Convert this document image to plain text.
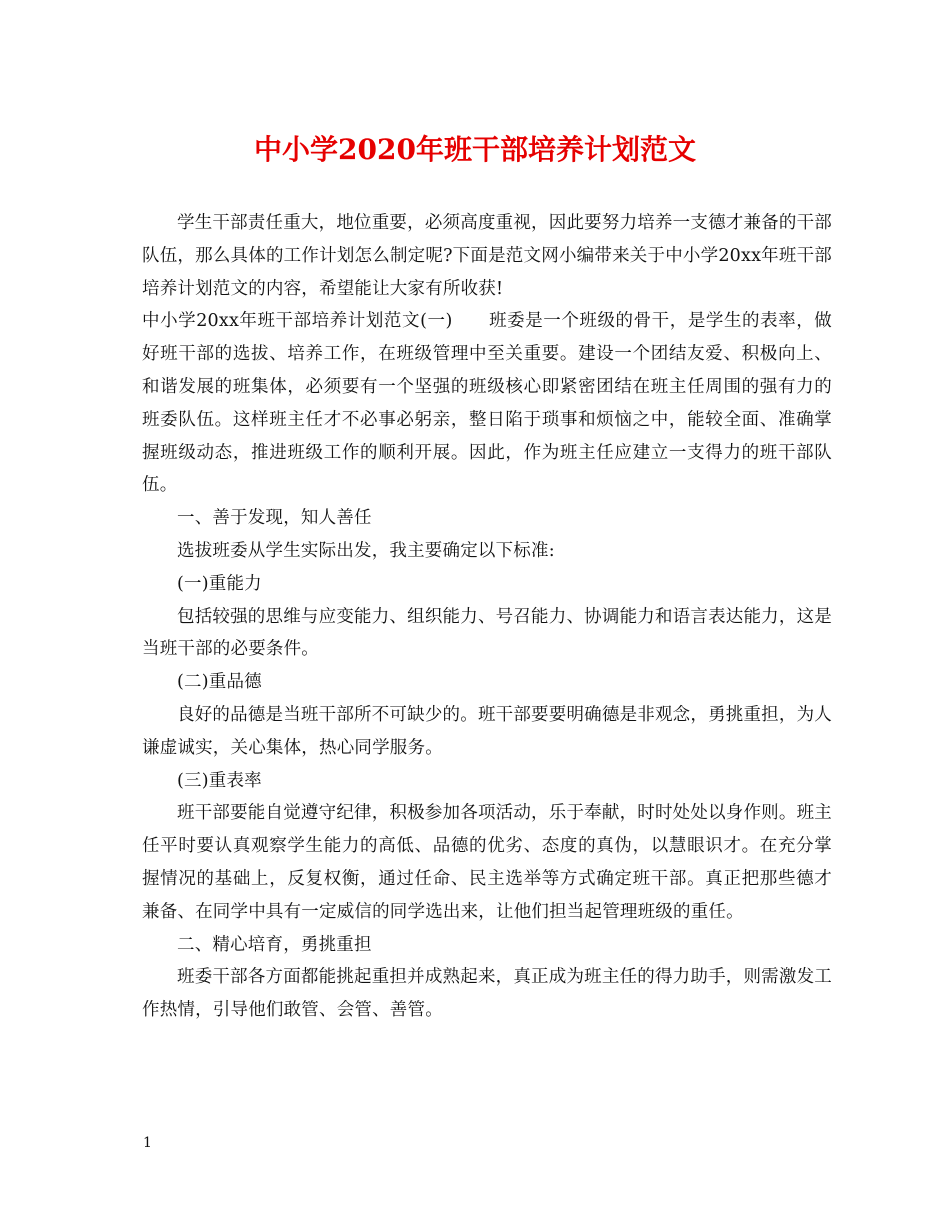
中小学2020年班干部培养计划范文

学生干部责任重大，地位重要，必须高度重视，因此要努力培养一支德才兼备的干部队伍，那么具体的工作计划怎么制定呢?下面是范文网小编带来关于中小学20xx年班干部培养计划范文的内容，希望能让大家有所收获!

中小学20xx年班干部培养计划范文(一)　　班委是一个班级的骨干，是学生的表率，做好班干部的选拔、培养工作，在班级管理中至关重要。建设一个团结友爱、积极向上、和谐发展的班集体，必须要有一个坚强的班级核心即紧密团结在班主任周围的强有力的班委队伍。这样班主任才不必事必躬亲，整日陷于琐事和烦恼之中，能较全面、准确掌握班级动态，推进班级工作的顺利开展。因此，作为班主任应建立一支得力的班干部队伍。

一、善于发现，知人善任

选拔班委从学生实际出发，我主要确定以下标准:

(一)重能力

包括较强的思维与应变能力、组织能力、号召能力、协调能力和语言表达能力，这是当班干部的必要条件。

(二)重品德

良好的品德是当班干部所不可缺少的。班干部要要明确德是非观念，勇挑重担，为人谦虚诚实，关心集体，热心同学服务。

(三)重表率

班干部要能自觉遵守纪律，积极参加各项活动，乐于奉献，时时处处以身作则。班主任平时要认真观察学生能力的高低、品德的优劣、态度的真伪，以慧眼识才。在充分掌握情况的基础上，反复权衡，通过任命、民主选举等方式确定班干部。真正把那些德才兼备、在同学中具有一定威信的同学选出来，让他们担当起管理班级的重任。

二、精心培育，勇挑重担

班委干部各方面都能挑起重担并成熟起来，真正成为班主任的得力助手，则需激发工作热情，引导他们敢管、会管、善管。

1
